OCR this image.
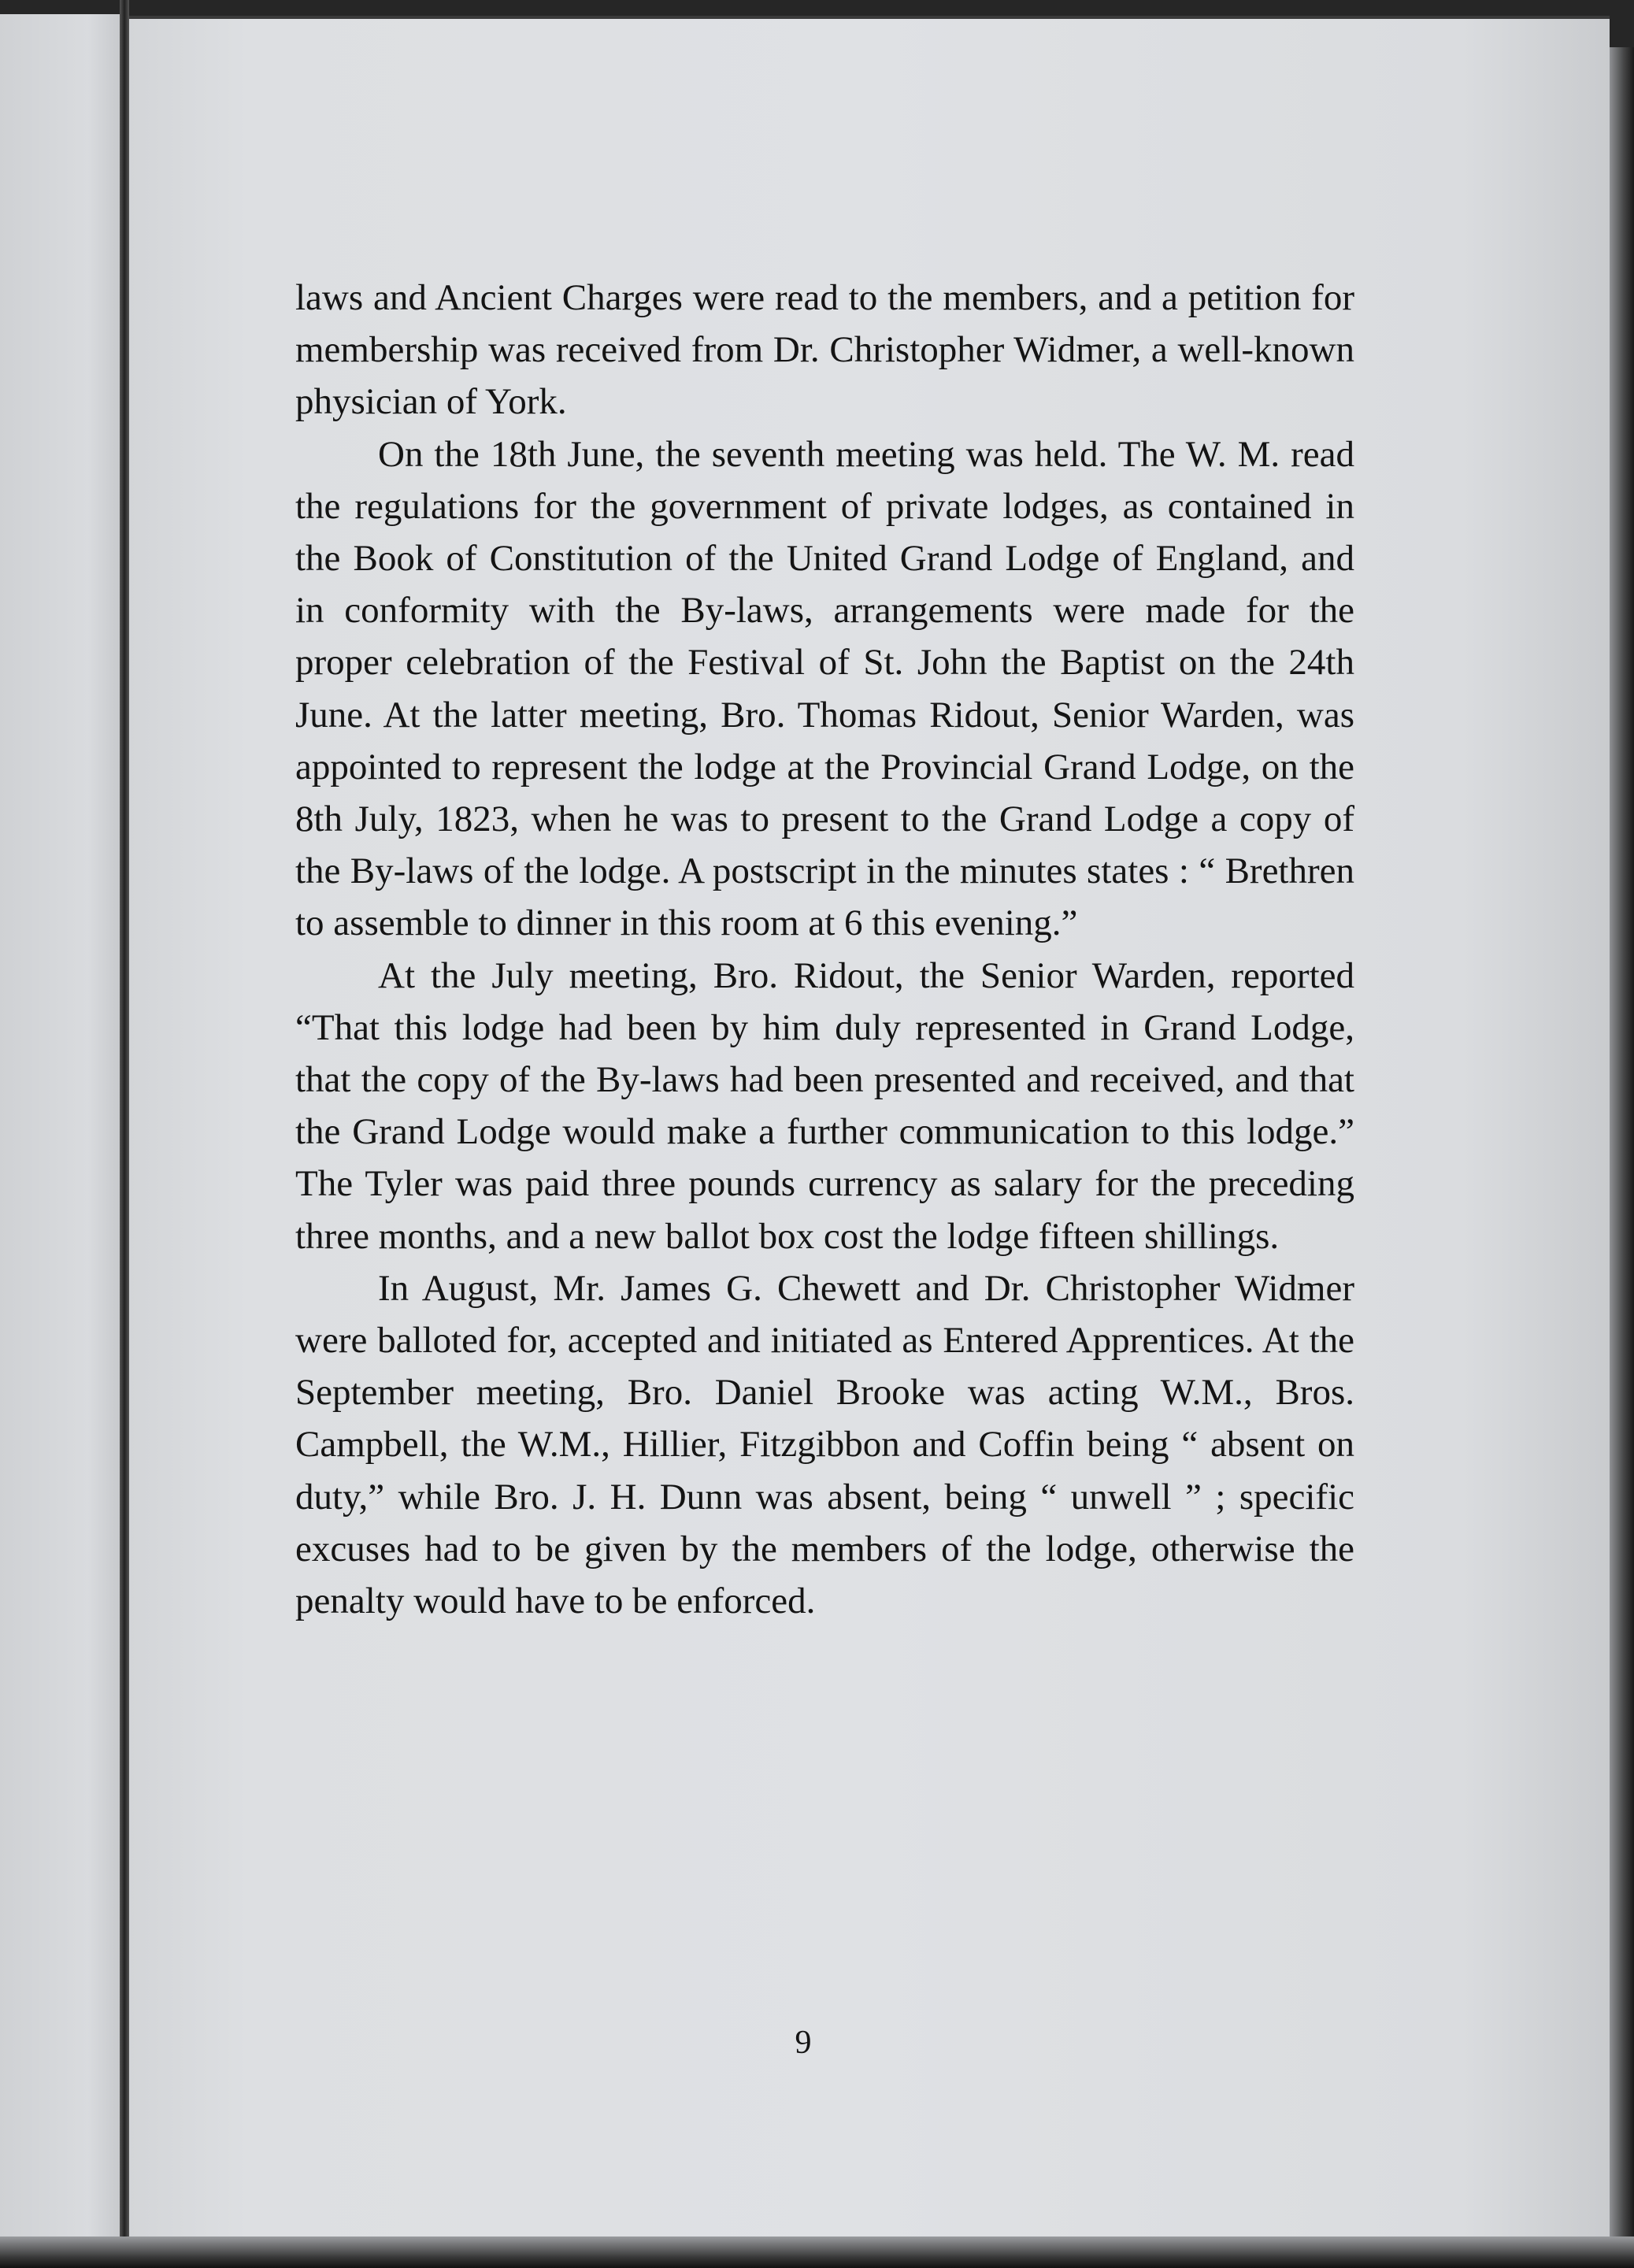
laws and Ancient Charges were read to the members, and a petition for membership was received from Dr. Christopher Widmer, a well-known physician of York.

On the 18th June, the seventh meeting was held. The W. M. read the regulations for the government of private lodges, as contained in the Book of Constitution of the United Grand Lodge of England, and in conformity with the By-laws, arrangements were made for the proper celebration of the Festival of St. John the Baptist on the 24th June. At the latter meeting, Bro. Thomas Ridout, Senior Warden, was appointed to represent the lodge at the Provincial Grand Lodge, on the 8th July, 1823, when he was to present to the Grand Lodge a copy of the By-laws of the lodge. A postscript in the minutes states : “ Brethren to assemble to dinner in this room at 6 this evening.”

At the July meeting, Bro. Ridout, the Senior Warden, reported “That this lodge had been by him duly represented in Grand Lodge, that the copy of the By-laws had been presented and received, and that the Grand Lodge would make a further communication to this lodge.” The Tyler was paid three pounds currency as salary for the preceding three months, and a new ballot box cost the lodge fifteen shillings.

In August, Mr. James G. Chewett and Dr. Christopher Widmer were balloted for, accepted and initiated as Entered Apprentices. At the September meeting, Bro. Daniel Brooke was acting W.M., Bros. Campbell, the W.M., Hillier, Fitzgibbon and Coffin being “ absent on duty,” while Bro. J. H. Dunn was absent, being “ unwell ” ; specific excuses had to be given by the members of the lodge, otherwise the penalty would have to be enforced.

9
